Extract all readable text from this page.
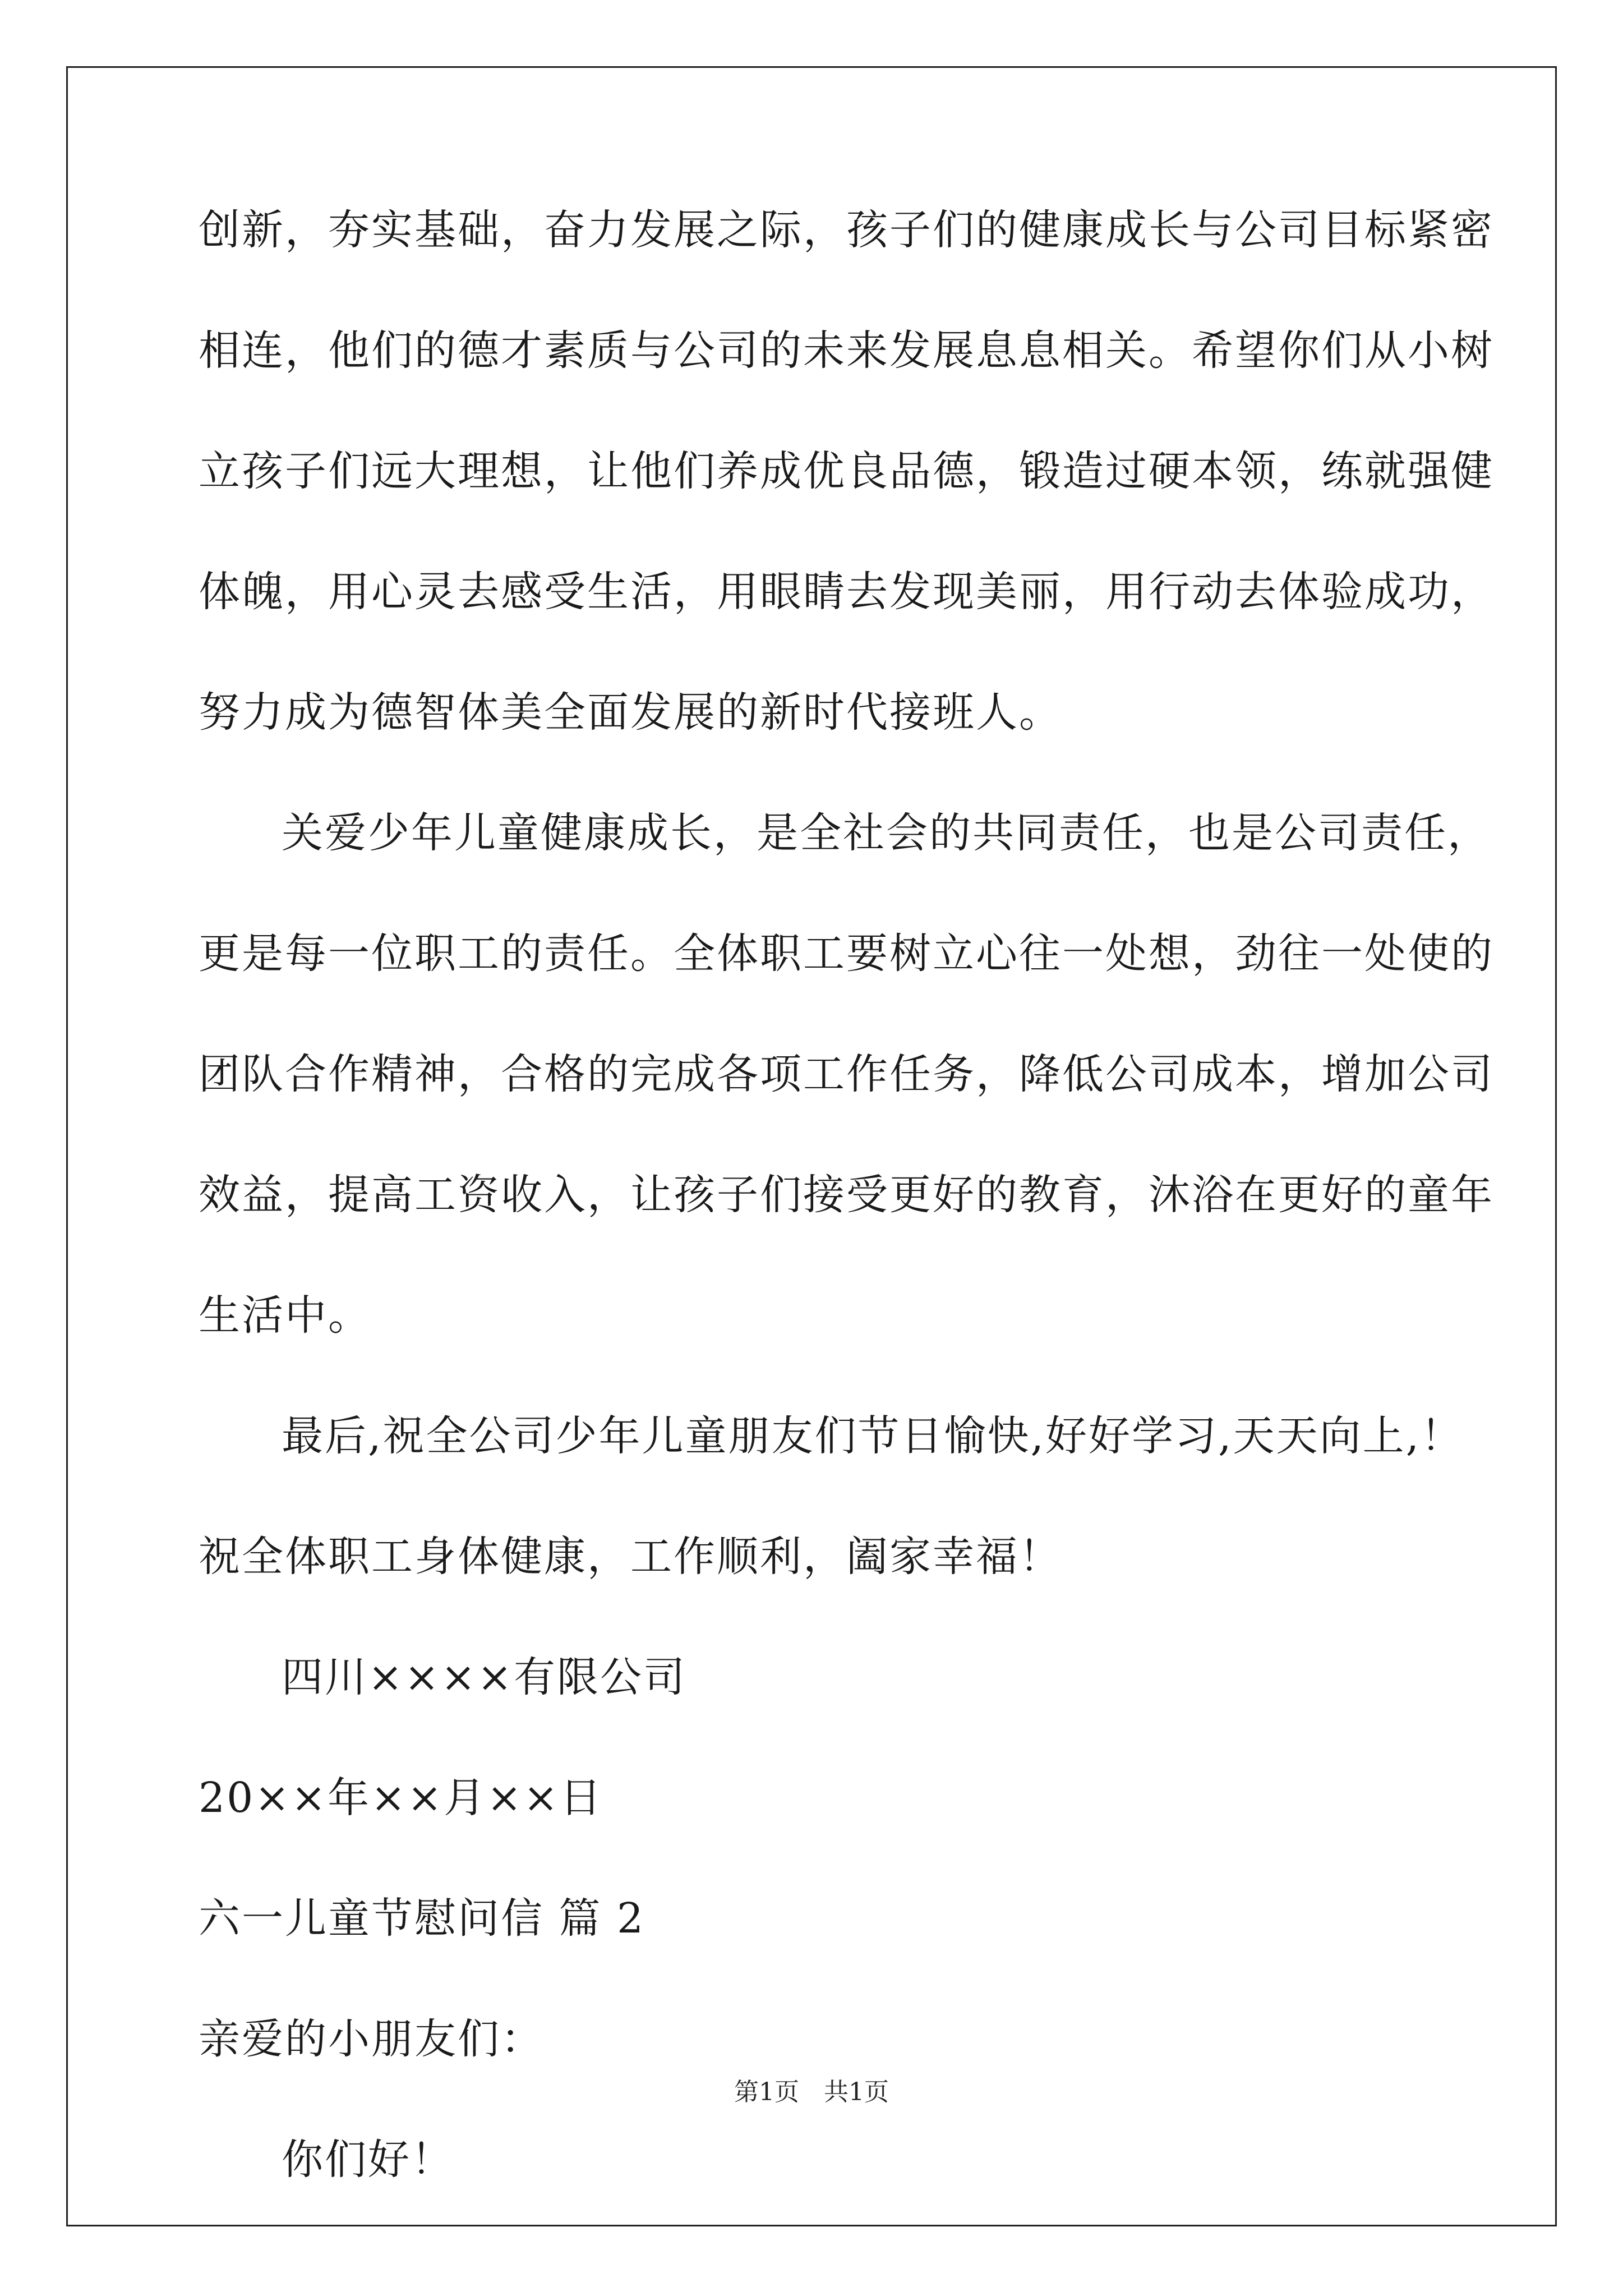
创新，夯实基础，奋力发展之际，孩子们的健康成长与公司目标紧密
相连，他们的德才素质与公司的未来发展息息相关。希望你们从小树
立孩子们远大理想，让他们养成优良品德，锻造过硬本领，练就强健
体魄，用心灵去感受生活，用眼睛去发现美丽，用行动去体验成功，
努力成为德智体美全面发展的新时代接班人。
关爱少年儿童健康成长，是全社会的共同责任，也是公司责任，
更是每一位职工的责任。全体职工要树立心往一处想，劲往一处使的
团队合作精神，合格的完成各项工作任务，降低公司成本，增加公司
效益，提高工资收入，让孩子们接受更好的教育，沐浴在更好的童年
生活中。
最后,祝全公司少年儿童朋友们节日愉快,好好学习,天天向上,！
祝全体职工身体健康，工作顺利，阖家幸福！
四川××××有限公司
20××年××月××日
六一儿童节慰问信 篇 2
亲爱的小朋友们：
你们好！
第1页 共1页
